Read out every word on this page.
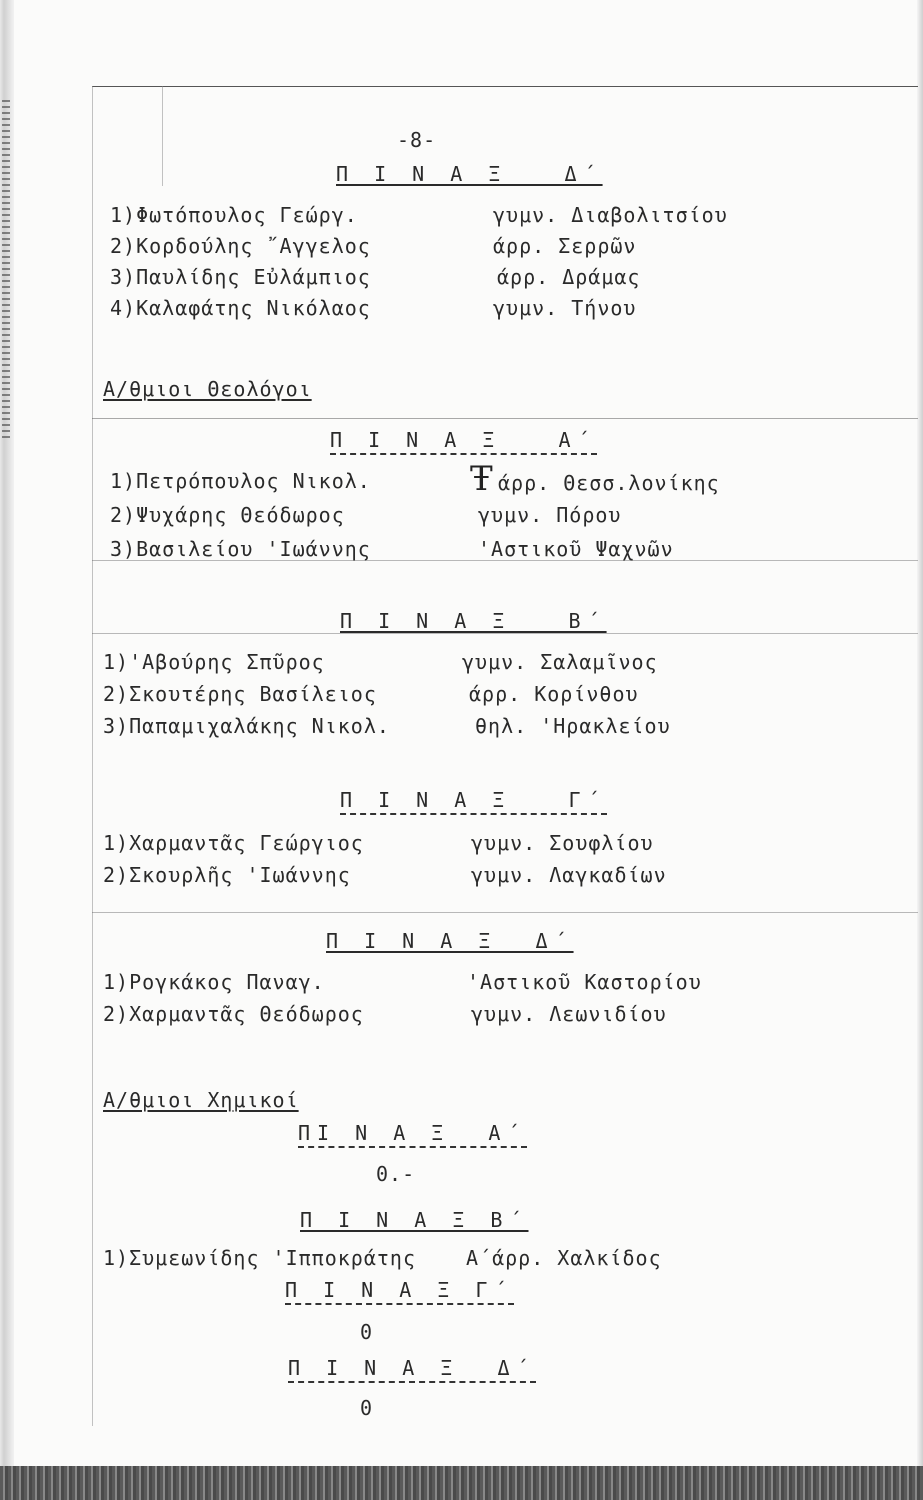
-8-
Π Ι Ν Α Ξ   Δ΄
1)Φωτόπουλος Γεώργ.	γυμν. Διαβολιτσίου
2)Κορδούλης ῎Αγγελος	άρρ. Σερρῶν
3)Παυλίδης Εὐλάμπιος	άρρ. Δράμας
4)Καλαφάτης Νικόλαος	γυμν. Τήνου
Α/θμιοι Θεολόγοι
Π Ι Ν Α Ξ   Α΄
1)Πετρόπουλος Νικολ.	Ŧ άρρ. Θεσσ.λονίκης
2)Ψυχάρης Θεόδωρος	γυμν. Πόρου
3)Βασιλείου 'Ιωάννης	'Αστικοῦ Ψαχνῶν
Π Ι Ν Α Ξ   Β΄
1)'Αβούρης Σπῦρος	γυμν. Σαλαμῖνος
2)Σκουτέρης Βασίλειος	άρρ. Κορίνθου
3)Παπαμιχαλάκης Νικολ.	θηλ. 'Ηρακλείου
Π Ι Ν Α Ξ   Γ΄
1)Χαρμαντᾶς Γεώργιος	γυμν. Σουφλίου
2)Σκουρλῆς 'Ιωάννης	γυμν. Λαγκαδίων
Π Ι Ν Α Ξ  Δ΄
1)Ρογκάκος Παναγ.	'Αστικοῦ Καστορίου
2)Χαρμαντᾶς Θεόδωρος	γυμν. Λεωνιδίου
Α/θμιοι Χημικοί
ΠΙ Ν Α Ξ  Α΄
0.-
Π Ι Ν Α Ξ Β΄
1)Συμεωνίδης 'Ιπποκράτης	Α΄άρρ. Χαλκίδος
Π Ι Ν Α Ξ Γ΄
0
Π Ι Ν Α Ξ  Δ΄
0
